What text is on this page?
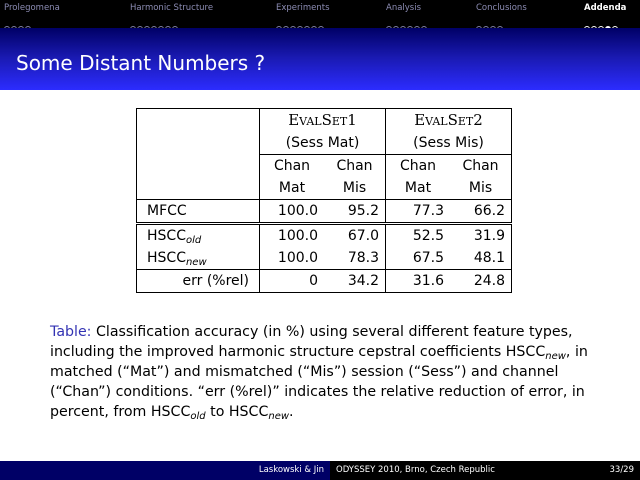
Prolegomena	Harmonic Structure	Experiments	Analysis	Conclusions	Addenda
Some Distant Numbers ?
	EvalSet1		EvalSet2	
	(Sess Mat)		(Sess Mis)	
	Chan	Chan	Chan	Chan
	Mat	Mis	Mat	Mis
MFCC	100.0	95.2	77.3	66.2
$HSCC_{old}$	100.0	67.0	52.5	31.9
$HSCC_{new}$	100.0	78.3	67.5	48.1
err (%rel)	0	34.2	31.6	24.8
Table: Classification accuracy (in %) using several different feature types, including the improved harmonic structure cepstral coefficients $HSCC_{new}$, in matched (“Mat”) and mismatched (“Mis”) session (“Sess”) and channel (“Chan”) conditions. “err (%rel)” indicates the relative reduction of error, in percent, from $HSCC_{old}$ to $HSCC_{new}$.
Laskowski & Jin ODYSSEY 2010, Brno, Czech Republic	33/29
